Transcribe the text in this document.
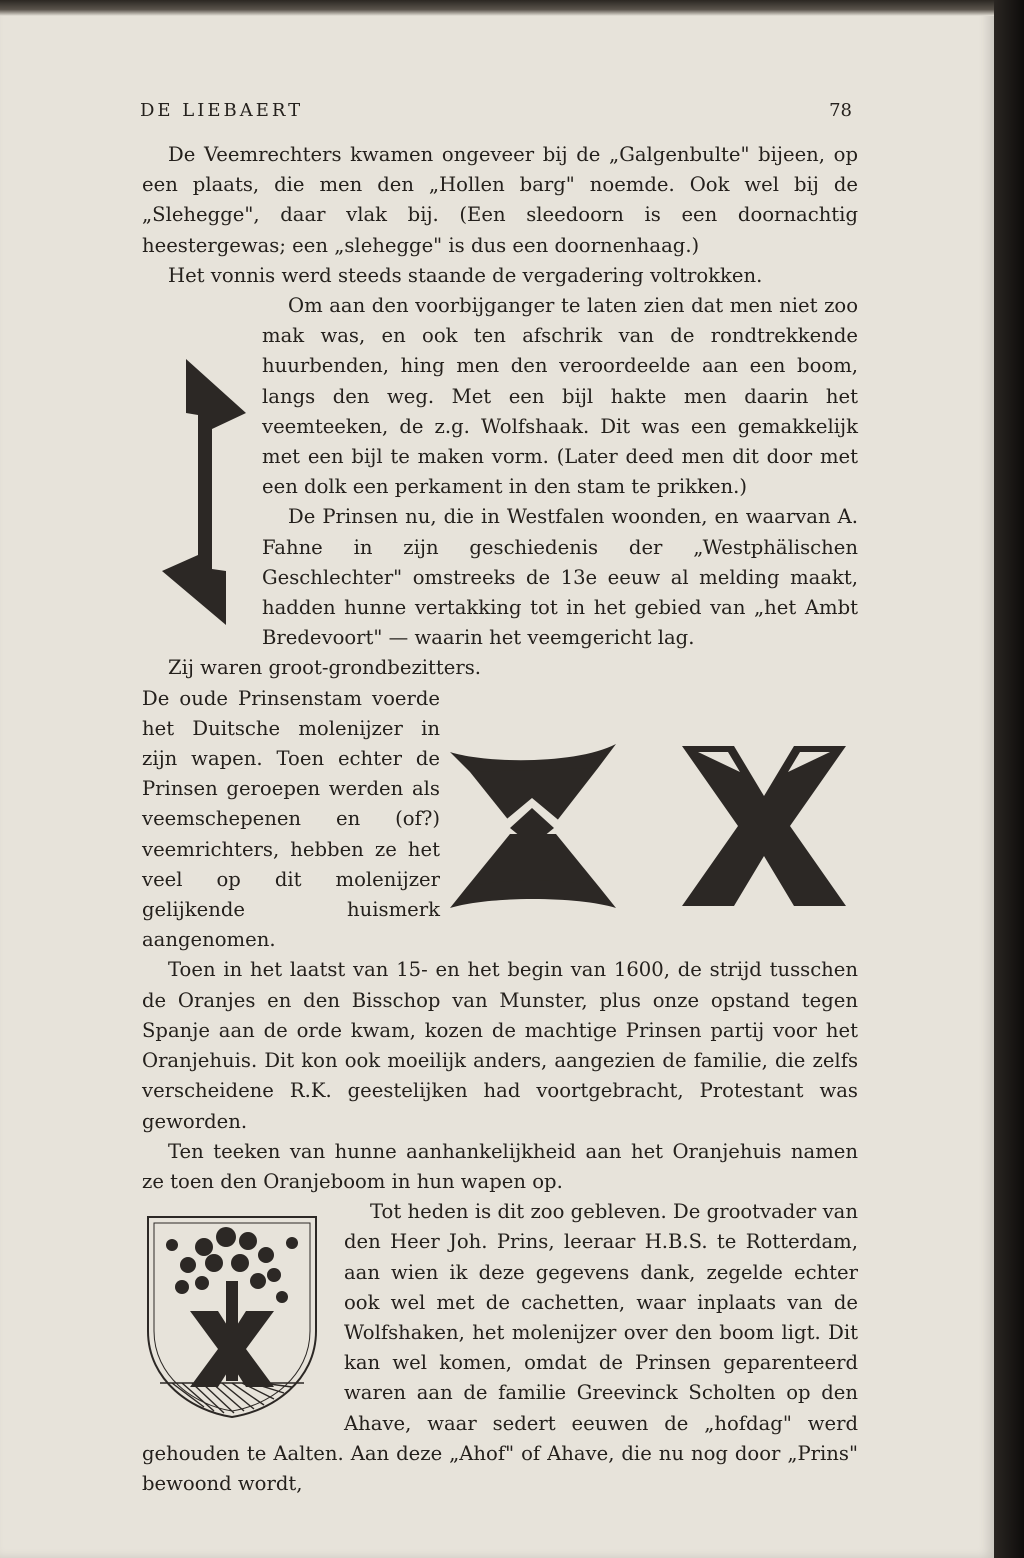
DE LIEBAERT	78

De Veemrechters kwamen ongeveer bij de „Galgenbulte" bijeen, op een plaats, die men den „Hollen barg" noemde. Ook wel bij de „Slehegge", daar vlak bij. (Een sleedoorn is een doornachtig heestergewas; een „slehegge" is dus een doornenhaag.)

Het vonnis werd steeds staande de vergadering voltrokken.

Om aan den voorbijganger te laten zien dat men niet zoo mak was, en ook ten afschrik van de rondtrekkende huurbenden, hing men den veroordeelde aan een boom, langs den weg. Met een bijl hakte men daarin het veemteeken, de z.g. Wolfshaak. Dit was een gemakkelijk met een bijl te maken vorm. (Later deed men dit door met een dolk een perkament in den stam te prikken.)

De Prinsen nu, die in Westfalen woonden, en waarvan A. Fahne in zijn geschiedenis der „Westphälischen Geschlechter" omstreeks de 13e eeuw al melding maakt, hadden hunne vertakking tot in het gebied van „het Ambt Bredevoort" — waarin het veemgericht lag.

Zij waren groot-grondbezitters.

De oude Prinsenstam voerde het Duitsche molenijzer in zijn wapen. Toen echter de Prinsen geroepen werden als veemschepenen en (of?) veemrichters, hebben ze het veel op dit molenijzer gelijkende huismerk aangenomen.

Toen in het laatst van 15- en het begin van 1600, de strijd tusschen de Oranjes en den Bisschop van Munster, plus onze opstand tegen Spanje aan de orde kwam, kozen de machtige Prinsen partij voor het Oranjehuis. Dit kon ook moeilijk anders, aangezien de familie, die zelfs verscheidene R.K. geestelijken had voortgebracht, Protestant was geworden.

Ten teeken van hunne aanhankelijkheid aan het Oranjehuis namen ze toen den Oranjeboom in hun wapen op.

Tot heden is dit zoo gebleven. De grootvader van den Heer Joh. Prins, leeraar H.B.S. te Rotterdam, aan wien ik deze gegevens dank, zegelde echter ook wel met de cachetten, waar inplaats van de Wolfshaken, het molenijzer over den boom ligt. Dit kan wel komen, omdat de Prinsen geparenteerd waren aan de familie Greevinck Scholten op den Ahave, waar sedert eeuwen de „hofdag" werd gehouden te Aalten. Aan deze „Ahof" of Ahave, die nu nog door „Prins" bewoond wordt,
